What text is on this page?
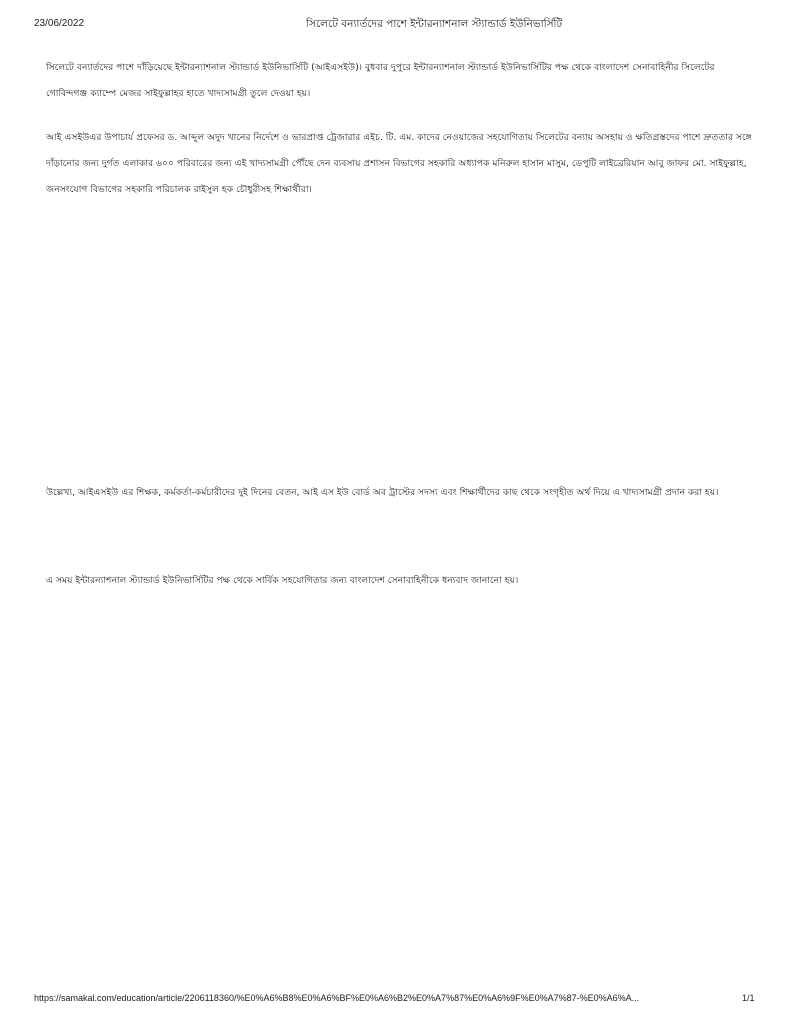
23/06/2022	সিলেটে বন্যার্তদের পাশে ইন্টারন্যাশনাল স্ট্যান্ডার্ড ইউনিভার্সিটি

সিলেটে বন্যার্তদের পাশে দাঁড়িয়েছে ইন্টারন্যাশনাল স্ট্যান্ডার্ড ইউনিভার্সিটি (আইএসইউ)। বুধবার দুপুরে ইন্টারন্যাশনাল স্ট্যান্ডার্ড ইউনিভার্সিটির পক্ষ থেকে বাংলাদেশ সেনাবাহিনীর সিলেটের গোবিন্দগঞ্জ ক্যাম্পে মেজর সাইফুল্লাহর হাতে খাদ্যসামগ্রী তুলে দেওয়া হয়।

আই এসইউএর উপাচার্য প্রফেসর ড. আব্দুল অদুদ খানের নির্দেশে ও ভারপ্রাপ্ত ট্রেজারার এইচ. টি. এম. কাদের নেওয়াজের সহযোগিতায় সিলেটের বন্যায় অসহায় ও ক্ষতিগ্রস্তদের পাশে দ্রুততার সঙ্গে দাঁড়ানোর জন্য দুর্গত এলাকার ৬০০ পরিবারের জন্য এই খাদ্যসামগ্রী পৌঁছে দেন ব্যবসায় প্রশাসন বিভাগের সহকারি অধ্যাপক মনিরুল হাসান মাসুম, ডেপুটি লাইব্রেরিয়ান আবু জাফর মো. সাইফুল্লাহ, জনসংযোগ বিভাগের সহকারি পরিচালক রাইসুল হক চৌধুরীসহ শিক্ষার্থীরা।

উল্লেখ্য, আইএসইউ এর শিক্ষক, কর্মকর্তা-কর্মচারীদের দুই দিনের বেতন, আই এস ইউ বোর্ড অব ট্রাস্টের সদস্য এবং শিক্ষার্থীদের কাছ থেকে সংগৃহীত অর্থ দিয়ে এ খাদ্যসামগ্রী প্রদান করা হয়।

এ সময় ইন্টারন্যাশনাল স্ট্যান্ডার্ড ইউনিভার্সিটির পক্ষ থেকে সার্বিক সহযোগিতার জন্য বাংলাদেশ সেনাবাহিনীকে ধন্যবাদ জানানো হয়।

https://samakal.com/education/article/2206118360/%E0%A6%B8%E0%A6%BF%E0%A6%B2%E0%A7%87%E0%A6%9F%E0%A7%87-%E0%A6%A...	1/1
